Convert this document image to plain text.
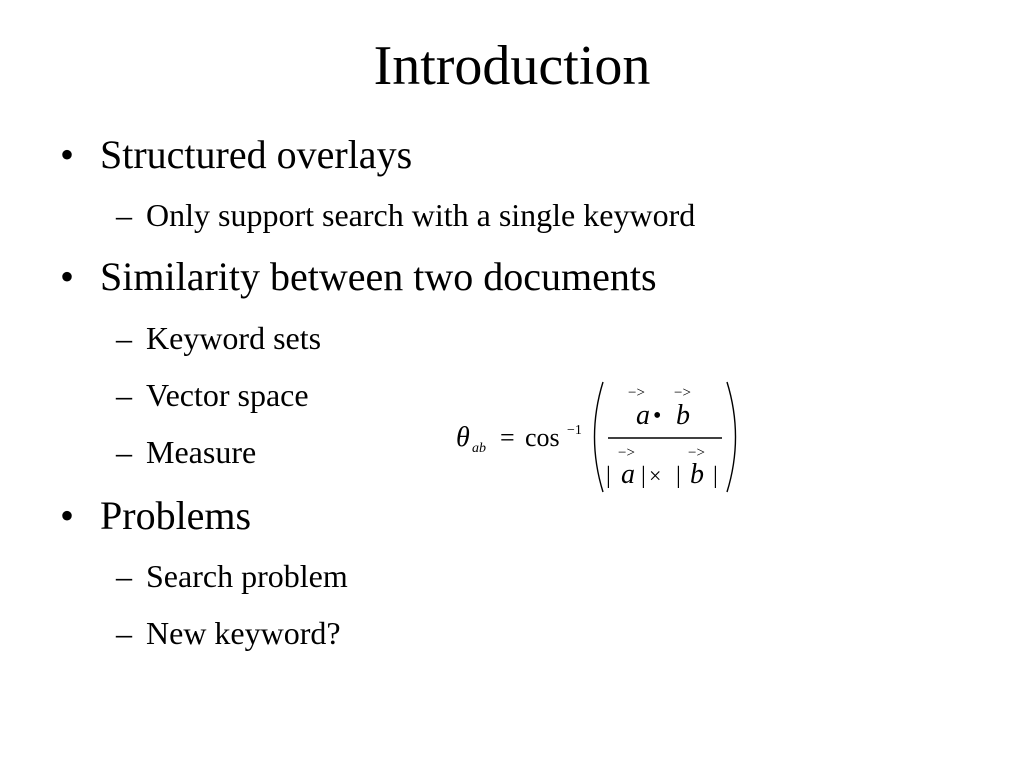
Introduction
• Structured overlays
– Only support search with a single keyword
• Similarity between two documents
– Keyword sets
– Vector space
– Measure
• Problems
– Search problem
– New keyword?
θ ab = cos −1
−> −>
a • b
−>	−>
| a | × | b |
